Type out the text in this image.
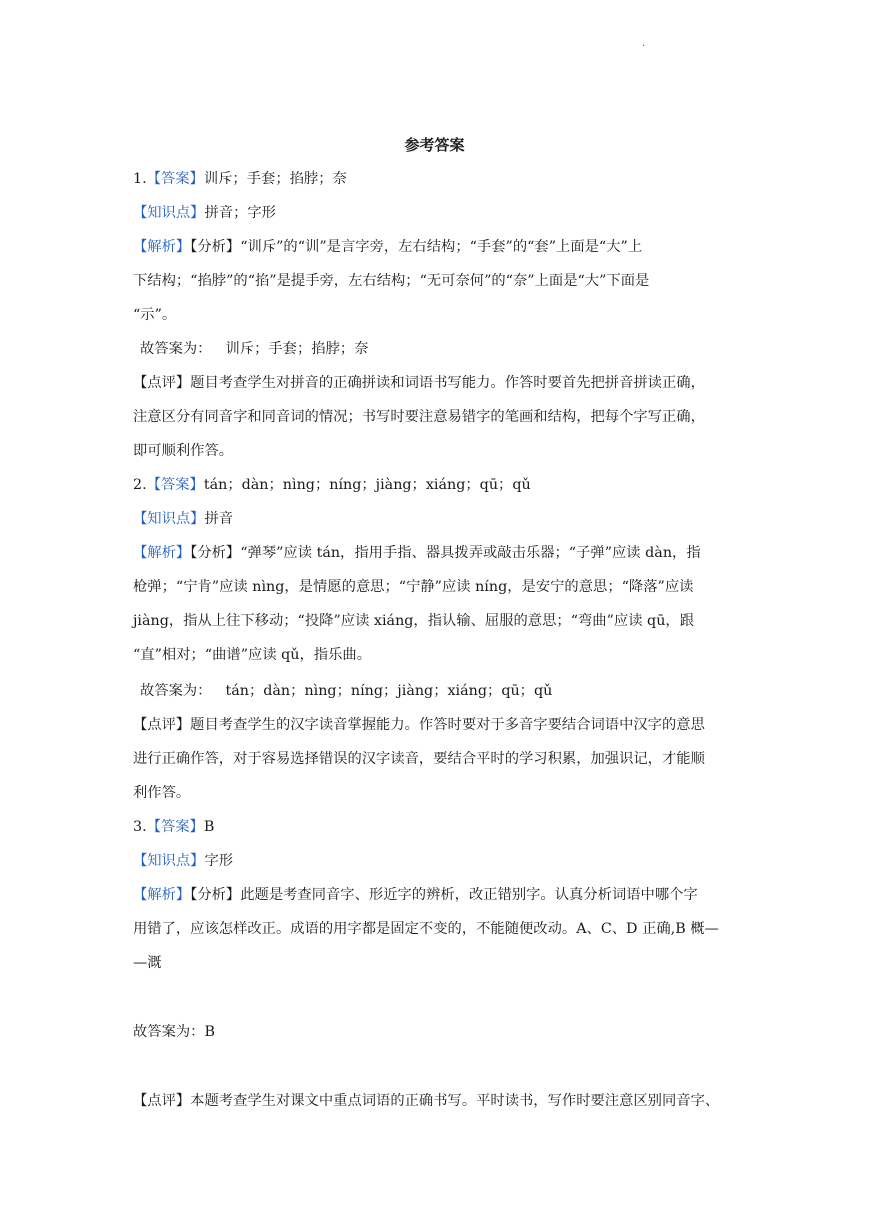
.
参考答案
1.【答案】训斥；手套；掐脖；奈
【知识点】拼音；字形
【解析】【分析】“训斥”的“训”是言字旁，左右结构；“手套”的“套”上面是“大”上
下结构；“掐脖”的“掐”是提手旁，左右结构；“无可奈何”的“奈”上面是“大”下面是
“示”。
故答案为： 训斥；手套；掐脖；奈
【点评】题目考查学生对拼音的正确拼读和词语书写能力。作答时要首先把拼音拼读正确，
注意区分有同音字和同音词的情况；书写时要注意易错字的笔画和结构，把每个字写正确，
即可顺利作答。
2.【答案】tán；dàn；nìng；níng；jiàng；xiáng；qū；qǔ
【知识点】拼音
【解析】【分析】“弹琴”应读 tán，指用手指、器具拨弄或敲击乐器；“子弹”应读 dàn，指
枪弹；“宁肯”应读 nìng，是情愿的意思；“宁静”应读 níng，是安宁的意思；“降落”应读
jiàng，指从上往下移动；“投降”应读 xiáng，指认输、屈服的意思；“弯曲”应读 qū，跟
“直”相对；“曲谱”应读 qǔ，指乐曲。
故答案为： tán；dàn；nìng；níng；jiàng；xiáng；qū；qǔ
【点评】题目考查学生的汉字读音掌握能力。作答时要对于多音字要结合词语中汉字的意思
进行正确作答，对于容易选择错误的汉字读音，要结合平时的学习积累，加强识记，才能顺
利作答。
3.【答案】B
【知识点】字形
【解析】【分析】此题是考查同音字、形近字的辨析，改正错别字。认真分析词语中哪个字
用错了，应该怎样改正。成语的用字都是固定不变的，不能随便改动。A、C、D 正确,B 概—
—溉
故答案为：B
【点评】本题考查学生对课文中重点词语的正确书写。平时读书，写作时要注意区别同音字、
